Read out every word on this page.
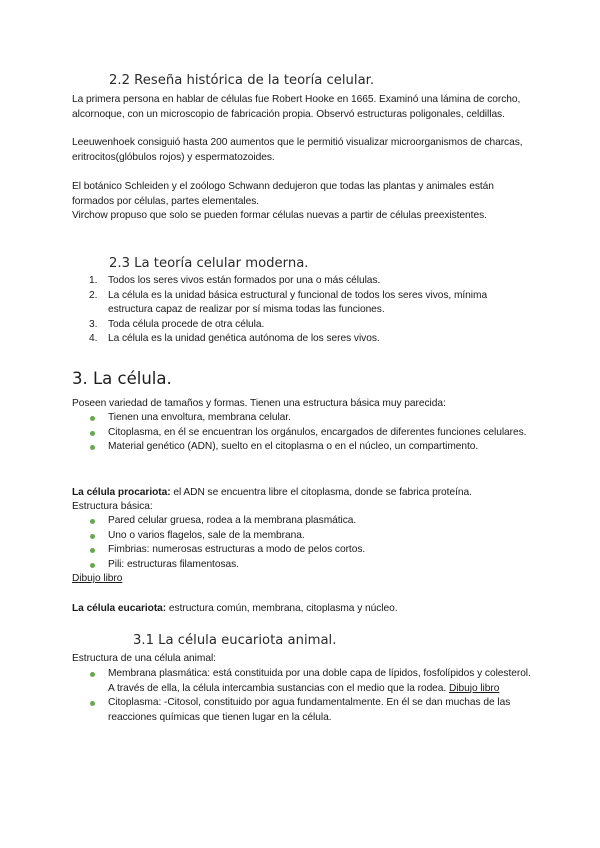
2.2 Reseña histórica de la teoría celular.

La primera persona en hablar de células fue Robert Hooke en 1665. Examinó una lámina de corcho, alcornoque, con un microscopio de fabricación propia. Observó estructuras poligonales, celdillas.

Leeuwenhoek consiguió hasta 200 aumentos que le permitió visualizar microorganismos de charcas, eritrocitos(glóbulos rojos) y espermatozoides.

El botánico Schleiden y el zoólogo Schwann dedujeron que todas las plantas y animales están formados por células, partes elementales.

Virchow propuso que solo se pueden formar células nuevas a partir de células preexistentes.

2.3 La teoría celular moderna.
1. Todos los seres vivos están formados por una o más células.
2. La célula es la unidad básica estructural y funcional de todos los seres vivos, mínima estructura capaz de realizar por sí misma todas las funciones.
3. Toda célula procede de otra célula.
4. La célula es la unidad genética autónoma de los seres vivos.
3. La célula.

Poseen variedad de tamaños y formas. Tienen una estructura básica muy parecida:

Tienen una envoltura, membrana celular.
Citoplasma, en él se encuentran los orgánulos, encargados de diferentes funciones celulares.
Material genético (ADN), suelto en el citoplasma o en el núcleo, un compartimento.

La célula procariota: el ADN se encuentra libre el citoplasma, donde se fabrica proteína.

Estructura básica:

Pared celular gruesa, rodea a la membrana plasmática.
Uno o varios flagelos, sale de la membrana.
Fimbrias: numerosas estructuras a modo de pelos cortos.
Pili: estructuras filamentosas.
Dibujo libro

La célula eucariota: estructura común, membrana, citoplasma y núcleo.

3.1 La célula eucariota animal.

Estructura de una célula animal:

Membrana plasmática: está constituida por una doble capa de lípidos, fosfolípidos y colesterol. A través de ella, la célula intercambia sustancias con el medio que la rodea. Dibujo libro
Citoplasma: -Citosol, constituido por agua fundamentalmente. En él se dan muchas de las reacciones químicas que tienen lugar en la célula.
